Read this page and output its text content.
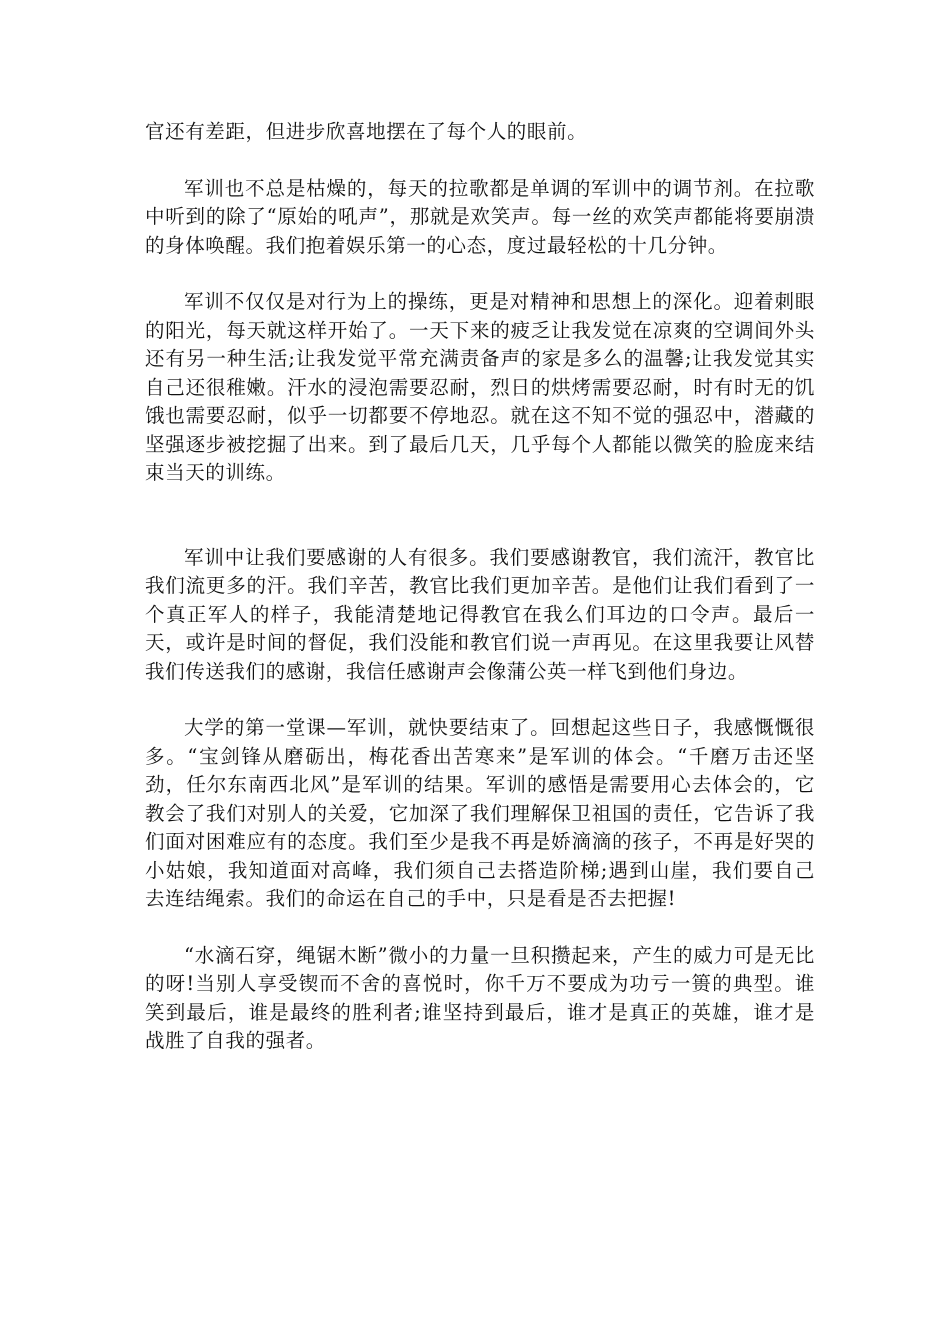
官还有差距，但进步欣喜地摆在了每个人的眼前。

军训也不总是枯燥的，每天的拉歌都是单调的军训中的调节剂。在拉歌中听到的除了“原始的吼声”，那就是欢笑声。每一丝的欢笑声都能将要崩溃的身体唤醒。我们抱着娱乐第一的心态，度过最轻松的十几分钟。

军训不仅仅是对行为上的操练，更是对精神和思想上的深化。迎着刺眼的阳光，每天就这样开始了。一天下来的疲乏让我发觉在凉爽的空调间外头还有另一种生活;让我发觉平常充满责备声的家是多么的温馨;让我发觉其实自己还很稚嫩。汗水的浸泡需要忍耐，烈日的烘烤需要忍耐，时有时无的饥饿也需要忍耐，似乎一切都要不停地忍。就在这不知不觉的强忍中，潜藏的坚强逐步被挖掘了出来。到了最后几天，几乎每个人都能以微笑的脸庞来结束当天的训练。

军训中让我们要感谢的人有很多。我们要感谢教官，我们流汗，教官比我们流更多的汗。我们辛苦，教官比我们更加辛苦。是他们让我们看到了一个真正军人的样子，我能清楚地记得教官在我么们耳边的口令声。最后一天，或许是时间的督促，我们没能和教官们说一声再见。在这里我要让风替我们传送我们的感谢，我信任感谢声会像蒲公英一样飞到他们身边。

大学的第一堂课—军训，就快要结束了。回想起这些日子，我感慨慨很多。“宝剑锋从磨砺出，梅花香出苦寒来”是军训的体会。“千磨万击还坚劲，任尔东南西北风”是军训的结果。军训的感悟是需要用心去体会的，它教会了我们对别人的关爱，它加深了我们理解保卫祖国的责任，它告诉了我们面对困难应有的态度。我们至少是我不再是娇滴滴的孩子，不再是好哭的小姑娘，我知道面对高峰，我们须自己去搭造阶梯;遇到山崖，我们要自己去连结绳索。我们的命运在自己的手中，只是看是否去把握!

“水滴石穿，绳锯木断”微小的力量一旦积攒起来，产生的威力可是无比的呀!当别人享受锲而不舍的喜悦时，你千万不要成为功亏一篑的典型。谁笑到最后，谁是最终的胜利者;谁坚持到最后，谁才是真正的英雄，谁才是战胜了自我的强者。
